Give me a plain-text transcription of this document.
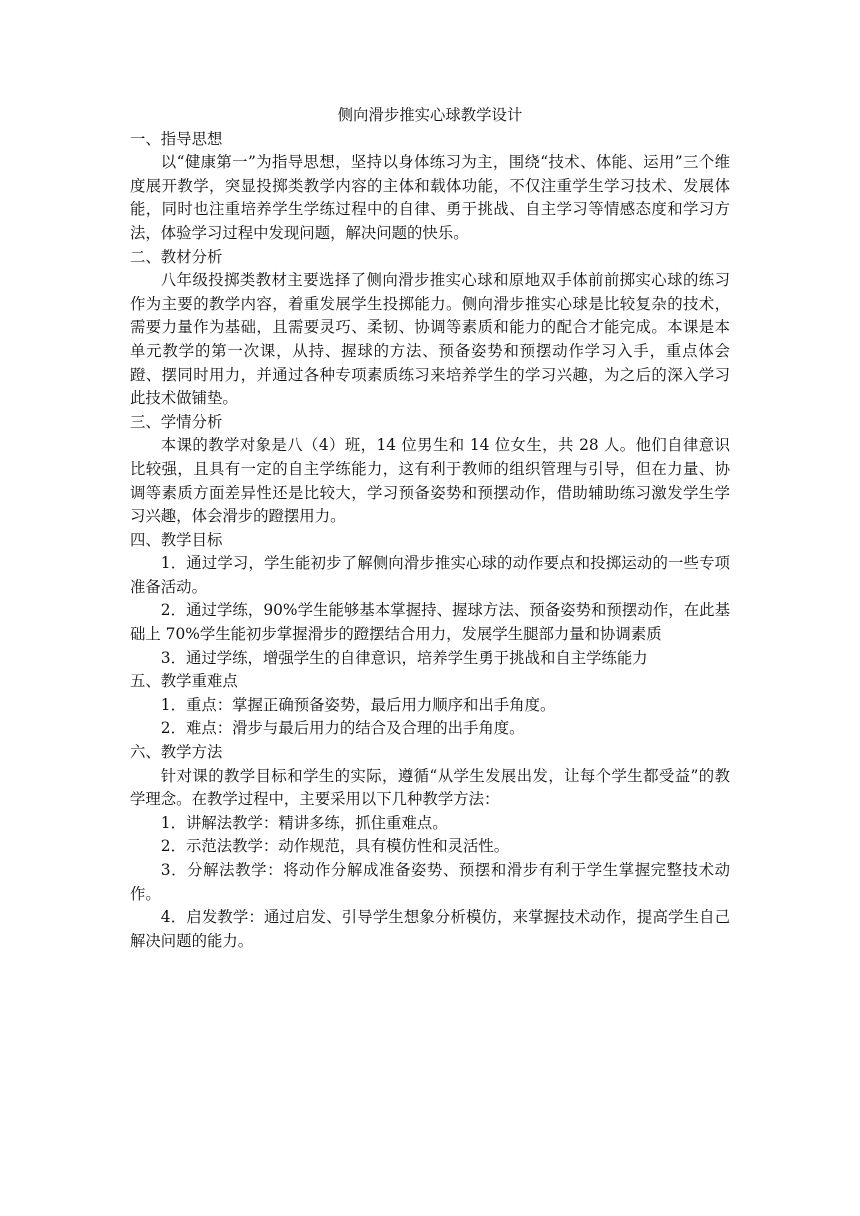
侧向滑步推实心球教学设计

一、指导思想

以“健康第一”为指导思想，坚持以身体练习为主，围绕“技术、体能、运用”三个维度展开教学，突显投掷类教学内容的主体和载体功能，不仅注重学生学习技术、发展体能，同时也注重培养学生学练过程中的自律、勇于挑战、自主学习等情感态度和学习方法，体验学习过程中发现问题，解决问题的快乐。

二、教材分析

八年级投掷类教材主要选择了侧向滑步推实心球和原地双手体前前掷实心球的练习作为主要的教学内容，着重发展学生投掷能力。侧向滑步推实心球是比较复杂的技术，需要力量作为基础，且需要灵巧、柔韧、协调等素质和能力的配合才能完成。本课是本单元教学的第一次课，从持、握球的方法、预备姿势和预摆动作学习入手，重点体会蹬、摆同时用力，并通过各种专项素质练习来培养学生的学习兴趣，为之后的深入学习此技术做铺垫。

三、学情分析

本课的教学对象是八（4）班，14 位男生和 14 位女生，共 28 人。他们自律意识比较强，且具有一定的自主学练能力，这有利于教师的组织管理与引导，但在力量、协调等素质方面差异性还是比较大，学习预备姿势和预摆动作，借助辅助练习激发学生学习兴趣，体会滑步的蹬摆用力。

四、教学目标

1．通过学习，学生能初步了解侧向滑步推实心球的动作要点和投掷运动的一些专项准备活动。

2．通过学练，90%学生能够基本掌握持、握球方法、预备姿势和预摆动作，在此基础上 70%学生能初步掌握滑步的蹬摆结合用力，发展学生腿部力量和协调素质

3．通过学练，增强学生的自律意识，培养学生勇于挑战和自主学练能力

五、教学重难点

1．重点：掌握正确预备姿势，最后用力顺序和出手角度。

2．难点：滑步与最后用力的结合及合理的出手角度。

六、教学方法

针对课的教学目标和学生的实际，遵循“从学生发展出发，让每个学生都受益”的教学理念。在教学过程中，主要采用以下几种教学方法：

1．讲解法教学：精讲多练，抓住重难点。

2．示范法教学：动作规范，具有模仿性和灵活性。

3．分解法教学：将动作分解成准备姿势、预摆和滑步有利于学生掌握完整技术动作。

4．启发教学：通过启发、引导学生想象分析模仿，来掌握技术动作，提高学生自己解决问题的能力。
